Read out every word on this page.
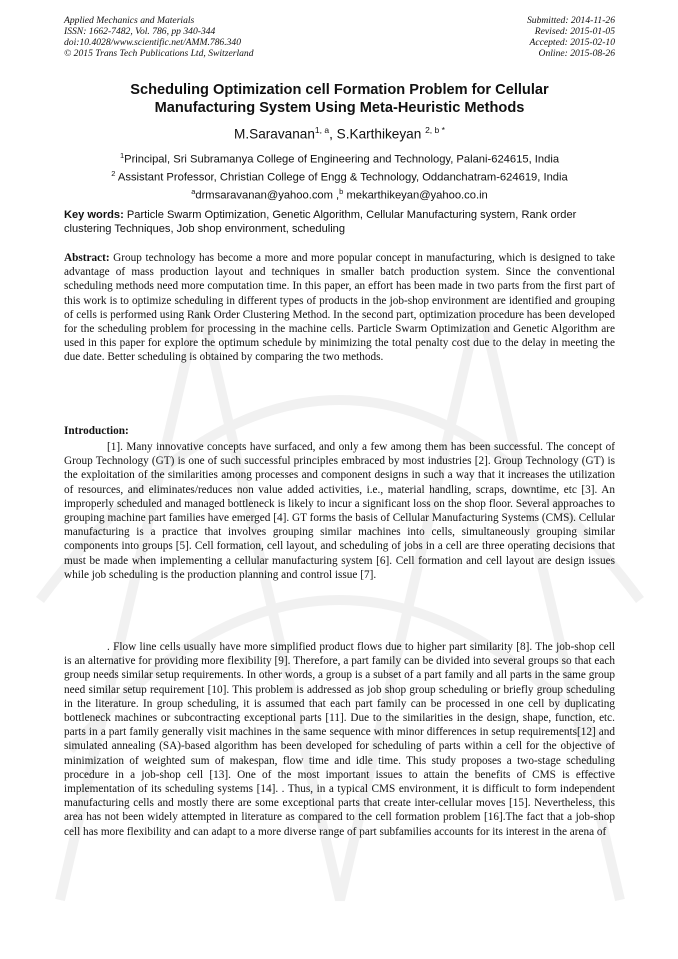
Applied Mechanics and Materials
ISSN: 1662-7482, Vol. 786, pp 340-344
doi:10.4028/www.scientific.net/AMM.786.340
© 2015 Trans Tech Publications Ltd, Switzerland
Submitted: 2014-11-26
Revised: 2015-01-05
Accepted: 2015-02-10
Online: 2015-08-26
Scheduling Optimization cell Formation Problem for Cellular
Manufacturing System Using Meta-Heuristic Methods
M.Saravanan$^{1, a}$, S.Karthikeyan $^{2, b *}$
$^1$Principal, Sri Subramanya College of Engineering and Technology, Palani-624615, India
$^2$ Assistant Professor, Christian College of Engg & Technology, Oddanchatram-624619, India
$^a$drmsaravanan@yahoo.com ,$^b$ mekarthikeyan@yahoo.co.in
Key words: Particle Swarm Optimization, Genetic Algorithm, Cellular Manufacturing system, Rank order clustering Techniques, Job shop environment, scheduling
Abstract: Group technology has become a more and more popular concept in manufacturing, which is designed to take advantage of mass production layout and techniques in smaller batch production system. Since the conventional scheduling methods need more computation time. In this paper, an effort has been made in two parts from the first part of this work is to optimize scheduling in different types of products in the job-shop environment are identified and grouping of cells is performed using Rank Order Clustering Method. In the second part, optimization procedure has been developed for the scheduling problem for processing in the machine cells. Particle Swarm Optimization and Genetic Algorithm are used in this paper for explore the optimum schedule by minimizing the total penalty cost due to the delay in meeting the due date. Better scheduling is obtained by comparing the two methods.
Introduction:
[1]. Many innovative concepts have surfaced, and only a few among them has been successful. The concept of Group Technology (GT) is one of such successful principles embraced by most industries [2]. Group Technology (GT) is the exploitation of the similarities among processes and component designs in such a way that it increases the utilization of resources, and eliminates/reduces non value added activities, i.e., material handling, scraps, downtime, etc [3]. An improperly scheduled and managed bottleneck is likely to incur a significant loss on the shop floor. Several approaches to grouping machine part families have emerged [4]. GT forms the basis of Cellular Manufacturing Systems (CMS). Cellular manufacturing is a practice that involves grouping similar machines into cells, simultaneously grouping similar components into groups [5]. Cell formation, cell layout, and scheduling of jobs in a cell are three operating decisions that must be made when implementing a cellular manufacturing system [6]. Cell formation and cell layout are design issues while job scheduling is the production planning and control issue [7].
. Flow line cells usually have more simplified product flows due to higher part similarity [8]. The job-shop cell is an alternative for providing more flexibility [9]. Therefore, a part family can be divided into several groups so that each group needs similar setup requirements. In other words, a group is a subset of a part family and all parts in the same group need similar setup requirement [10]. This problem is addressed as job shop group scheduling or briefly group scheduling in the literature. In group scheduling, it is assumed that each part family can be processed in one cell by duplicating bottleneck machines or subcontracting exceptional parts [11]. Due to the similarities in the design, shape, function, etc. parts in a part family generally visit machines in the same sequence with minor differences in setup requirements[12] and simulated annealing (SA)-based algorithm has been developed for scheduling of parts within a cell for the objective of minimization of weighted sum of makespan, flow time and idle time. This study proposes a two-stage scheduling procedure in a job-shop cell [13]. One of the most important issues to attain the benefits of CMS is effective implementation of its scheduling systems [14]. . Thus, in a typical CMS environment, it is difficult to form independent manufacturing cells and mostly there are some exceptional parts that create inter-cellular moves [15]. Nevertheless, this area has not been widely attempted in literature as compared to the cell formation problem [16].The fact that a job-shop cell has more flexibility and can adapt to a more diverse range of part subfamilies accounts for its interest in the arena of
